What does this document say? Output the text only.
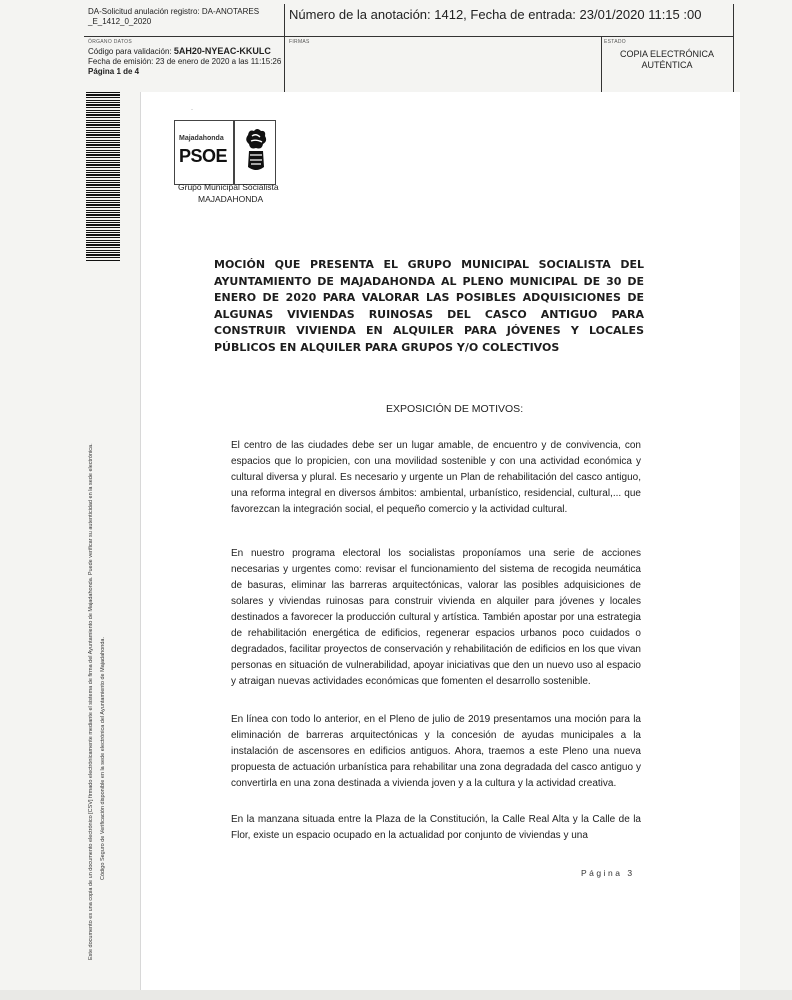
DA-Solicitud anulación registro: DA-ANOTARES
_E_1412_0_2020	Número de la anotación: 1412, Fecha de entrada: 23/01/2020 11:15 :00
ÓRGANO DATOS
Código para validación: 5AH20-NYEAC-KKULC
Fecha de emisión: 23 de enero de 2020 a las 11:15:26
Página 1 de 4
FIRMAS	ESTADO
COPIA ELECTRÓNICA AUTÉNTICA
Este documento es una copia de un documento electrónico [CSV] firmado electrónicamente mediante el sistema de firma del Ayuntamiento de Majadahonda. Puede verificar su autenticidad en la sede electrónica.	Código Seguro de Verificación disponible en la sede electrónica del Ayuntamiento de Majadahonda.
·
Majadahonda
PSOE
Grupo Municipal Socialista
MAJADAHONDA
MOCIÓN QUE PRESENTA EL GRUPO MUNICIPAL SOCIALISTA DEL AYUNTAMIENTO DE MAJADAHONDA AL PLENO MUNICIPAL DE 30 DE ENERO DE 2020 PARA VALORAR LAS POSIBLES ADQUISICIONES DE ALGUNAS VIVIENDAS RUINOSAS DEL CASCO ANTIGUO PARA CONSTRUIR VIVIENDA EN ALQUILER PARA JÓVENES Y LOCALES PÚBLICOS EN ALQUILER PARA GRUPOS Y/O COLECTIVOS
EXPOSICIÓN DE MOTIVOS:

El centro de las ciudades debe ser un lugar amable, de encuentro y de convivencia, con espacios que lo propicien, con una movilidad sostenible y con una actividad económica y cultural diversa y plural. Es necesario y urgente un Plan de rehabilitación del casco antiguo, una reforma integral en diversos ámbitos: ambiental, urbanístico, residencial, cultural,... que favorezcan la integración social, el pequeño comercio y la actividad cultural.

En nuestro programa electoral los socialistas proponíamos una serie de acciones necesarias y urgentes como: revisar el funcionamiento del sistema de recogida neumática de basuras, eliminar las barreras arquitectónicas, valorar las posibles adquisiciones de solares y viviendas ruinosas para construir vivienda en alquiler para jóvenes y locales destinados a favorecer la producción cultural y artística. También apostar por una estrategia de rehabilitación energética de edificios, regenerar espacios urbanos poco cuidados o degradados, facilitar proyectos de conservación y rehabilitación de edificios en los que vivan personas en situación de vulnerabilidad, apoyar iniciativas que den un nuevo uso al espacio y atraigan nuevas actividades económicas que fomenten el desarrollo sostenible.

En línea con todo lo anterior, en el Pleno de julio de 2019 presentamos una moción para la eliminación de barreras arquitectónicas y la concesión de ayudas municipales a la instalación de ascensores en edificios antiguos. Ahora, traemos a este Pleno una nueva propuesta de actuación urbanística para rehabilitar una zona degradada del casco antiguo y convertirla en una zona destinada a vivienda joven y a la cultura y la actividad creativa.

En la manzana situada entre la Plaza de la Constitución, la Calle Real Alta y la Calle de la Flor, existe un espacio ocupado en la actualidad por conjunto de viviendas y una

Página 3
